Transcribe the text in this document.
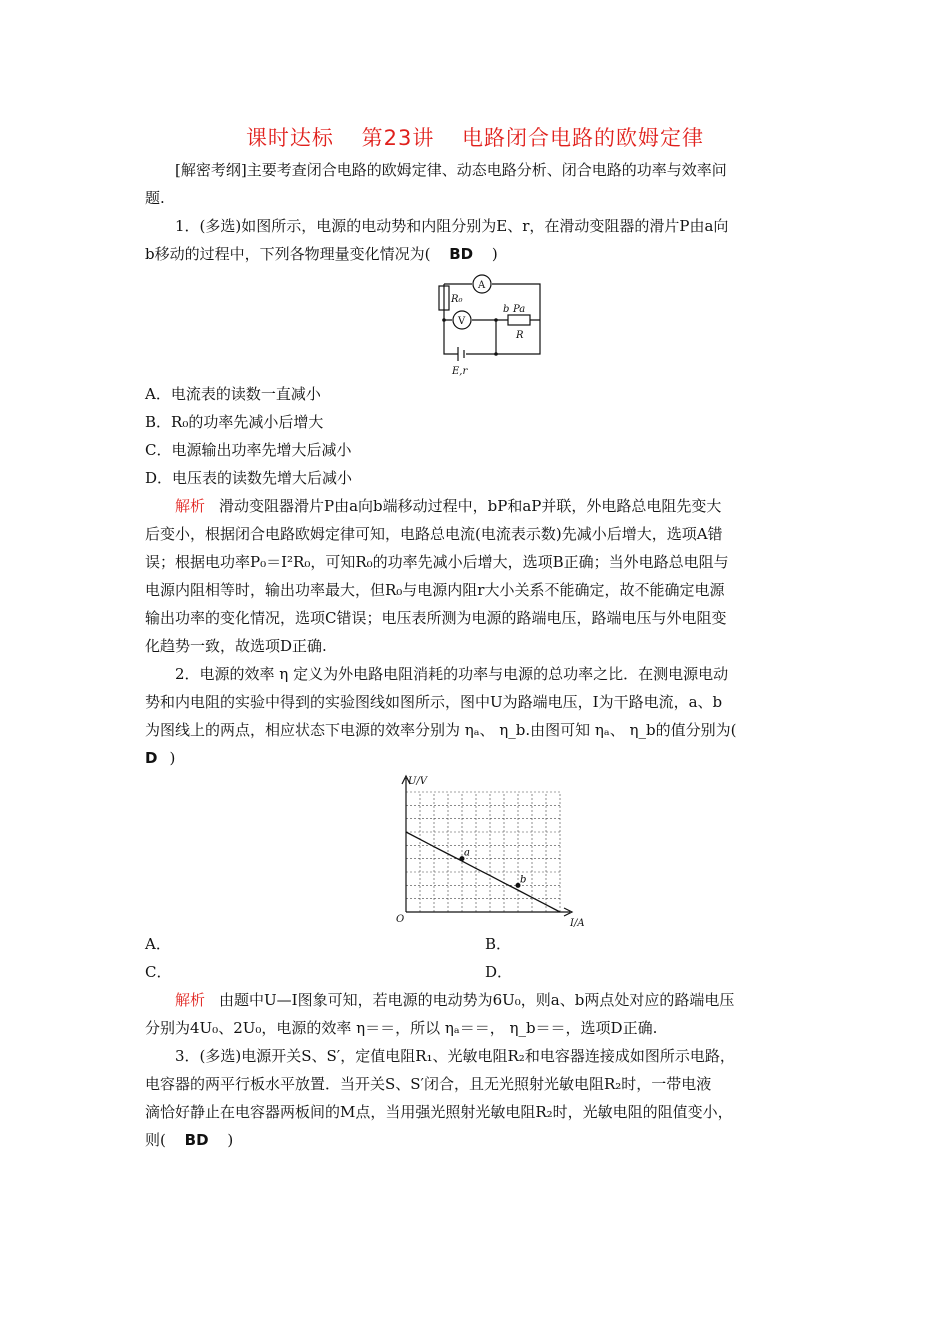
课时达标 第23讲 电路闭合电路的欧姆定律
[解密考纲]主要考查闭合电路的欧姆定律、动态电路分析、闭合电路的功率与效率问
题.
1．(多选)如图所示，电源的电动势和内阻分别为E、r，在滑动变阻器的滑片P由a向
b移动的过程中，下列各物理量变化情况为( BD )
A
V
R₀
b Pa
R
E,r
A．电流表的读数一直减小
B．R₀的功率先减小后增大
C．电源输出功率先增大后减小
D．电压表的读数先增大后减小
解析 滑动变阻器滑片P由a向b端移动过程中，bP和aP并联，外电路总电阻先变大
后变小，根据闭合电路欧姆定律可知，电路总电流(电流表示数)先减小后增大，选项A错
误；根据电功率P₀＝I²R₀，可知R₀的功率先减小后增大，选项B正确；当外电路总电阻与
电源内阻相等时，输出功率最大，但R₀与电源内阻r大小关系不能确定，故不能确定电源
输出功率的变化情况，选项C错误；电压表所测为电源的路端电压，路端电压与外电阻变
化趋势一致，故选项D正确.
2．电源的效率 η 定义为外电路电阻消耗的功率与电源的总功率之比．在测电源电动
势和内电阻的实验中得到的实验图线如图所示，图中U为路端电压，I为干路电流，a、b
为图线上的两点，相应状态下电源的效率分别为 ηₐ、 η_b.由图可知 ηₐ、 η_b的值分别为(
D )
a
b
U/V
I/A
O
A．	B．
C．	D．
解析 由题中U—I图象可知，若电源的电动势为6U₀，则a、b两点处对应的路端电压
分别为4U₀、2U₀，电源的效率 η＝＝，所以 ηₐ＝＝， η_b＝＝，选项D正确.
3．(多选)电源开关S、S′，定值电阻R₁、光敏电阻R₂和电容器连接成如图所示电路，
电容器的两平行板水平放置．当开关S、S′闭合，且无光照射光敏电阻R₂时，一带电液
滴恰好静止在电容器两板间的M点，当用强光照射光敏电阻R₂时，光敏电阻的阻值变小，
则( BD )
